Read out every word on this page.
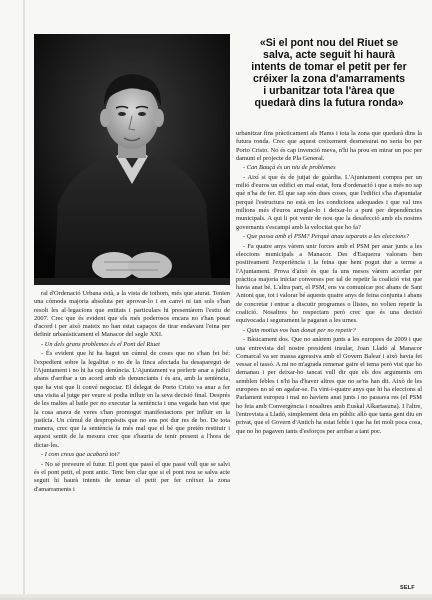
«Si el pont nou del Riuet se
salva, acte seguit hi haurà
intents de tomar el petit per fer
créixer la zona d'amarraments
i urbanitzar tota l'àrea que
quedarà dins la futura ronda»

ral d'Ordenació Urbana està, a la vista de tothom, més que aturat. Tenien una còmoda majoria absoluta per aprovar-lo i en canvi ni tan sols s'han resolt les al·legacions que entitats i particulars hi presentàrem l'estiu de 2007. Crec que és evident que els més poderosos encara no s'han posat d'acord i per això mateix no han estat capaços de tirar endavant l'eina per definir urbanísticament el Manacor del segle XXI.

- Un dels grans problemes és el Pont del Riuet

- És evident que hi ha hagut un cúmul de coses que no s'han fet bé: l'expedient sobre la legalitat o no de la finca afectada ha desaparegut de l'Ajuntament i no hi ha cap denúncia. L'Ajuntament va preferir anar a judici abans d'arribar a un acord amb els denunciants i és ara, amb la sentència, que ha vist que li convé negociar. El delegat de Porto Cristo va anar a fer una visita al jutge per veure si podia influir en la seva decisió final. Després de les maltes al batle per no executar la sentència i una vegada han vist que la cosa anava de veres s'han promogut manifestacions per influir en la justícia. Un cúmul de despropòsits que no ens pot dur res de bo. De tota manera, crec que la sentència fa més mal que el bé que pretén restituir i aquest sentit de la mesura crec que s'hauria de tenir present a l'hora de dictar-les.

- I com creus que acabarà tot?

- No sé preveure el futur. El pont que passí el que passi vull que se salvi és el pont petit, el pont antic. Tenc ben clar que si el pont nou se salva acte seguit hi haurà intents de tomar el petit per fer créixer la zona d'amarraments i

urbanitzar fins pràcticament als Hams i tota la zona que quedarà dins la futura ronda. Crec que aquest creixement desmesurat no seria bo per Porto Cristo. No és cap invenció meva, n'hi ha prou en mirar un poc per damunt el projecte de Pla General.

- Can Bauçà és un niu de problemes

- Així si que és de jutjat de guàrdia. L'Ajuntament compra per un milió d'euros un edifici en mal estat, fora d'ordenació i que a més no sap què n'ha de fer. El que sap són dues coses, que l'edifici s'ha d'apuntalar perquè l'estructura no està en les condicions adequades i que val tres milions més d'euros arreglar-lo i deixar-lo a punt per dependències municipals. A qui li pot venir de nou que la desafecció amb els nostres governants s'escampi amb la velocitat que ho fa?

- Que passa amb el PSM? Perquè anau separats a les eleccions?

- Fa quatre anys vàrem unir forces amb el PSM per anar junts a les eleccions municipals a Manacor. Des d'Esquerra valoram ben positivament l'experiència i la feina que hem pogut dur a terme a l'Ajuntament. Prova d'això és que fa uns mesos vàrem acordar per pràctica majoria iniciar converses per tal de repetir la coalició vist que havia anat bé. L'altra part, el PSM, ens va comunicar poc abans de Sant Antoni que, tot i valorar bé aquests quatre anys de feina conjunta i abans de concretar i entrar a discutir programes o llistes, no volien repetir la coalició. Nosaltres ho respectam però crec que és una decisió equivocada i segurament la pagaran a les urnes.

- Quin motius vos han donat per no repetir?

- Bàsicament dos. Que no anàrem junts a les europees de 2009 i que una entrevista del nostre president insular, Joan Lladó al Manacor Comarcal va ser massa agressiva amb el Govern Balear i això havia fet vessar el tassó. A mi no m'agrada remenar gaire el tema però vist que ho demanau i per deixar-ho tancat vull dir que els dos arguments em semblen febles i n'hi ha d'haver altres que no se'ns han dit. Això de les europees no sé on agafar-se. Fa vint-i-quatre anys que hi ha eleccions al Parlament europeu i mai no haviem anat junts i no passava res (el PSM ho feia amb Convergència i nosaltres amb Euskal Alkartasuna). I l'altre, l'entrevista a Lladó, simplement deia en públic allò que tanta gent diu en privat, que el Govern d'Antich ha estat feble i que ha fet molt poca cosa, que no ho pagaven tants d'esforços per arribar a tant poc.

SELF
